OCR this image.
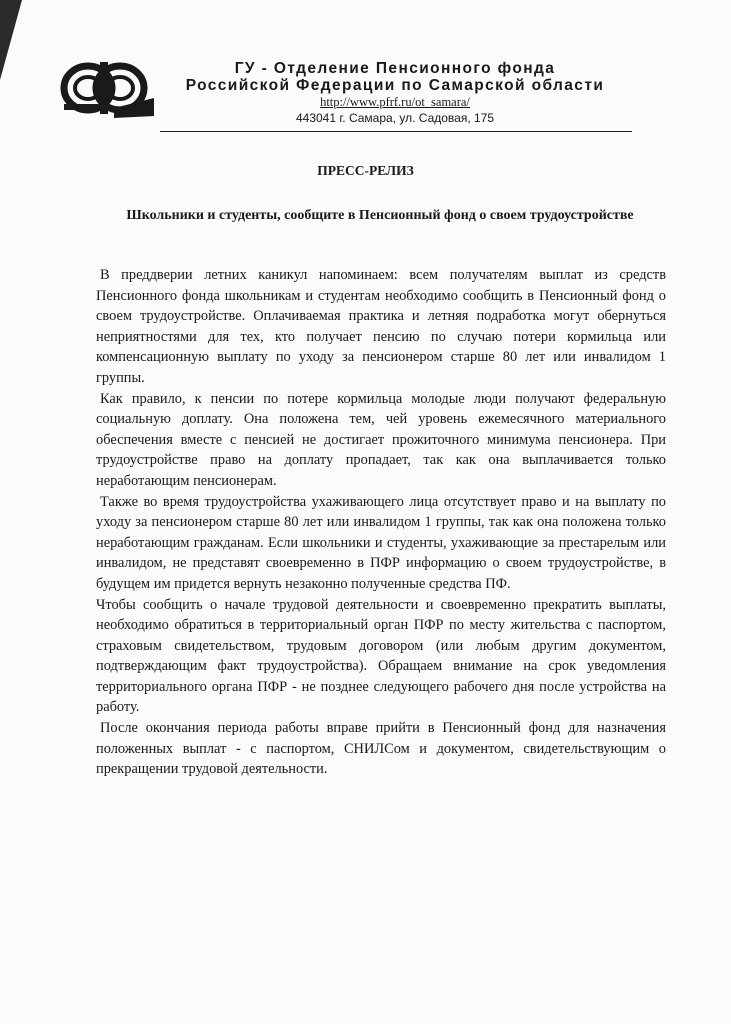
ГУ - Отделение Пенсионного фонда
Российской Федерации по Самарской области
http://www.pfrf.ru/ot_samara/
443041 г. Самара, ул. Садовая, 175
ПРЕСС-РЕЛИЗ
Школьники и студенты, сообщите в Пенсионный фонд о своем трудоустройстве

В преддверии летних каникул напоминаем: всем получателям выплат из средств Пенсионного фонда школьникам и студентам необходимо сообщить в Пенсионный фонд о своем трудоустройстве. Оплачиваемая практика и летняя подработка могут обернуться неприятностями для тех, кто получает пенсию по случаю потери кормильца или компенсационную выплату по уходу за пенсионером старше 80 лет или инвалидом 1 группы.

Как правило, к пенсии по потере кормильца молодые люди получают федеральную социальную доплату. Она положена тем, чей уровень ежемесячного материального обеспечения вместе с пенсией не достигает прожиточного минимума пенсионера. При трудоустройстве право на доплату пропадает, так как она выплачивается только неработающим пенсионерам.

Также во время трудоустройства ухаживающего лица отсутствует право и на выплату по уходу за пенсионером старше 80 лет или инвалидом 1 группы, так как она положена только неработающим гражданам. Если школьники и студенты, ухаживающие за престарелым или инвалидом, не представят своевременно в ПФР информацию о своем трудоустройстве, в будущем им придется вернуть незаконно полученные средства ПФ.

Чтобы сообщить о начале трудовой деятельности и своевременно прекратить выплаты, необходимо обратиться в территориальный орган ПФР по месту жительства с паспортом, страховым свидетельством, трудовым договором (или любым другим документом, подтверждающим факт трудоустройства). Обращаем внимание на срок уведомления территориального органа ПФР - не позднее следующего рабочего дня после устройства на работу.

После окончания периода работы вправе прийти в Пенсионный фонд для назначения положенных выплат - с паспортом, СНИЛСом и документом, свидетельствующим о прекращении трудовой деятельности.
